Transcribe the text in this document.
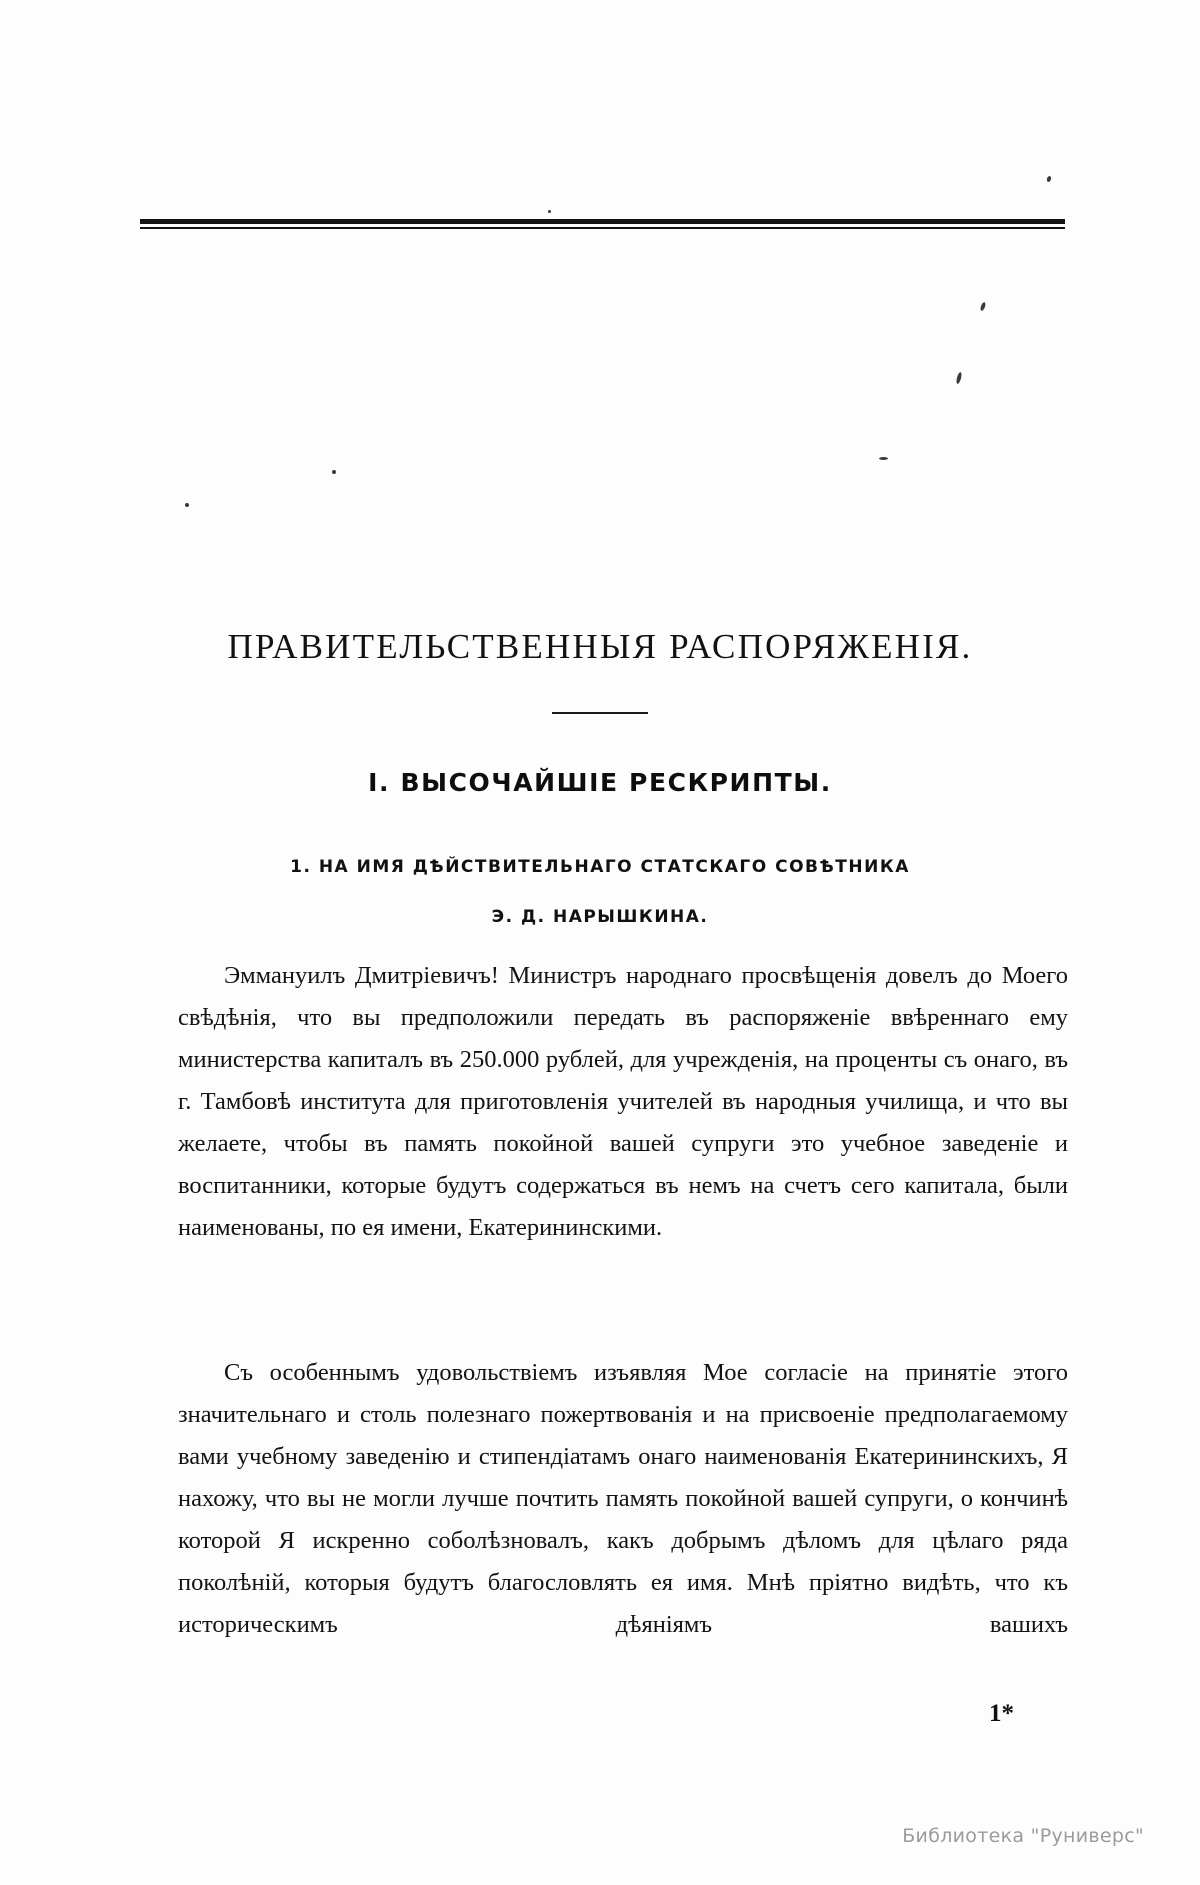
ПРАВИТЕЛЬСТВЕННЫЯ РАСПОРЯЖЕНІЯ.
I. ВЫСОЧАЙШІЕ РЕСКРИПТЫ.
1. НА ИМЯ ДѢЙСТВИТЕЛЬНАГО СТАТСКАГО СОВѢТНИКА
Э. Д. НАРЫШКИНА.

Эммануилъ Дмитріевичъ! Министръ народнаго просвѣщенія довелъ до Моего свѣдѣнія, что вы предположили передать въ распоряженіе ввѣреннаго ему министерства капиталъ въ 250.000 рублей, для учрежденія, на проценты съ онаго, въ г. Тамбовѣ института для приготовленія учителей въ народныя училища, и что вы желаете, чтобы въ память покойной вашей супруги это учебное заведеніе и воспитанники, которые будутъ содержаться въ немъ на счетъ сего капитала, были наименованы, по ея имени, Екатерининскими.

Съ особеннымъ удовольствіемъ изъявляя Мое согласіе на принятіе этого значительнаго и столь полезнаго пожертвованія и на присвоеніе предполагаемому вами учебному заведенію и стипендіатамъ онаго наименованія Екатерининскихъ, Я нахожу, что вы не могли лучше почтить память покойной вашей супруги, о кончинѣ которой Я искренно соболѣзновалъ, какъ добрымъ дѣломъ для цѣлаго ряда поколѣній, которыя будутъ благословлять ея имя. Мнѣ пріятно видѣть, что къ историческимъ дѣяніямъ вашихъ

1*
Библиотека "Руниверс"
